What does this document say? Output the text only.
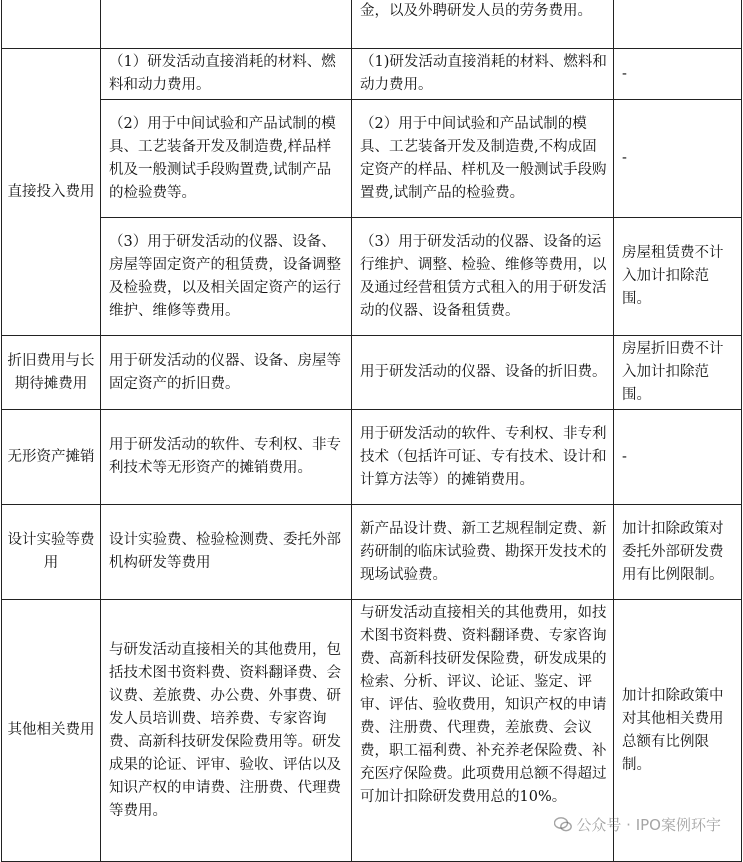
		金，以及外聘研发人员的劳务费用。	
直接投入费用	（1）研发活动直接消耗的材料、燃料和动力费用。	（1)研发活动直接消耗的材料、燃料和动力费用。	-
	（2）用于中间试验和产品试制的模具、工艺装备开发及制造费,样品样机及一般测试手段购置费,试制产品的检验费等。	（2）用于中间试验和产品试制的模具、工艺装备开发及制造费,不构成固定资产的样品、样机及一般测试手段购置费,试制产品的检验费。	-
	（3）用于研发活动的仪器、设备、房屋等固定资产的租赁费，设备调整及检验费，以及相关固定资产的运行维护、维修等费用。	（3）用于研发活动的仪器、设备的运行维护、调整、检验、维修等费用，以及通过经营租赁方式租入的用于研发活动的仪器、设备租赁费。	房屋租赁费不计入加计扣除范围。
折旧费用与长期待摊费用	用于研发活动的仪器、设备、房屋等固定资产的折旧费。	用于研发活动的仪器、设备的折旧费。	房屋折旧费不计入加计扣除范围。
无形资产摊销	用于研发活动的软件、专利权、非专利技术等无形资产的摊销费用。	用于研发活动的软件、专利权、非专利技术（包括许可证、专有技术、设计和计算方法等）的摊销费用。	-
设计实验等费用	设计实验费、检验检测费、委托外部机构研发等费用	新产品设计费、新工艺规程制定费、新药研制的临床试验费、勘探开发技术的现场试验费。	加计扣除政策对委托外部研发费用有比例限制。
其他相关费用	与研发活动直接相关的其他费用，包括技术图书资料费、资料翻译费、会议费、差旅费、办公费、外事费、研发人员培训费、培养费、专家咨询费、高新科技研发保险费用等。研发成果的论证、评审、验收、评估以及知识产权的申请费、注册费、代理费等费用。	与研发活动直接相关的其他费用，如技术图书资料费、资料翻译费、专家咨询费、高新科技研发保险费，研发成果的检索、分析、评议、论证、鉴定、评审、评估、验收费用，知识产权的申请费、注册费、代理费，差旅费、会议费，职工福利费、补充养老保险费、补充医疗保险费。此项费用总额不得超过可加计扣除研发费用总的10%。	加计扣除政策中对其他相关费用总额有比例限制。
公众号 · IPO案例环宇
